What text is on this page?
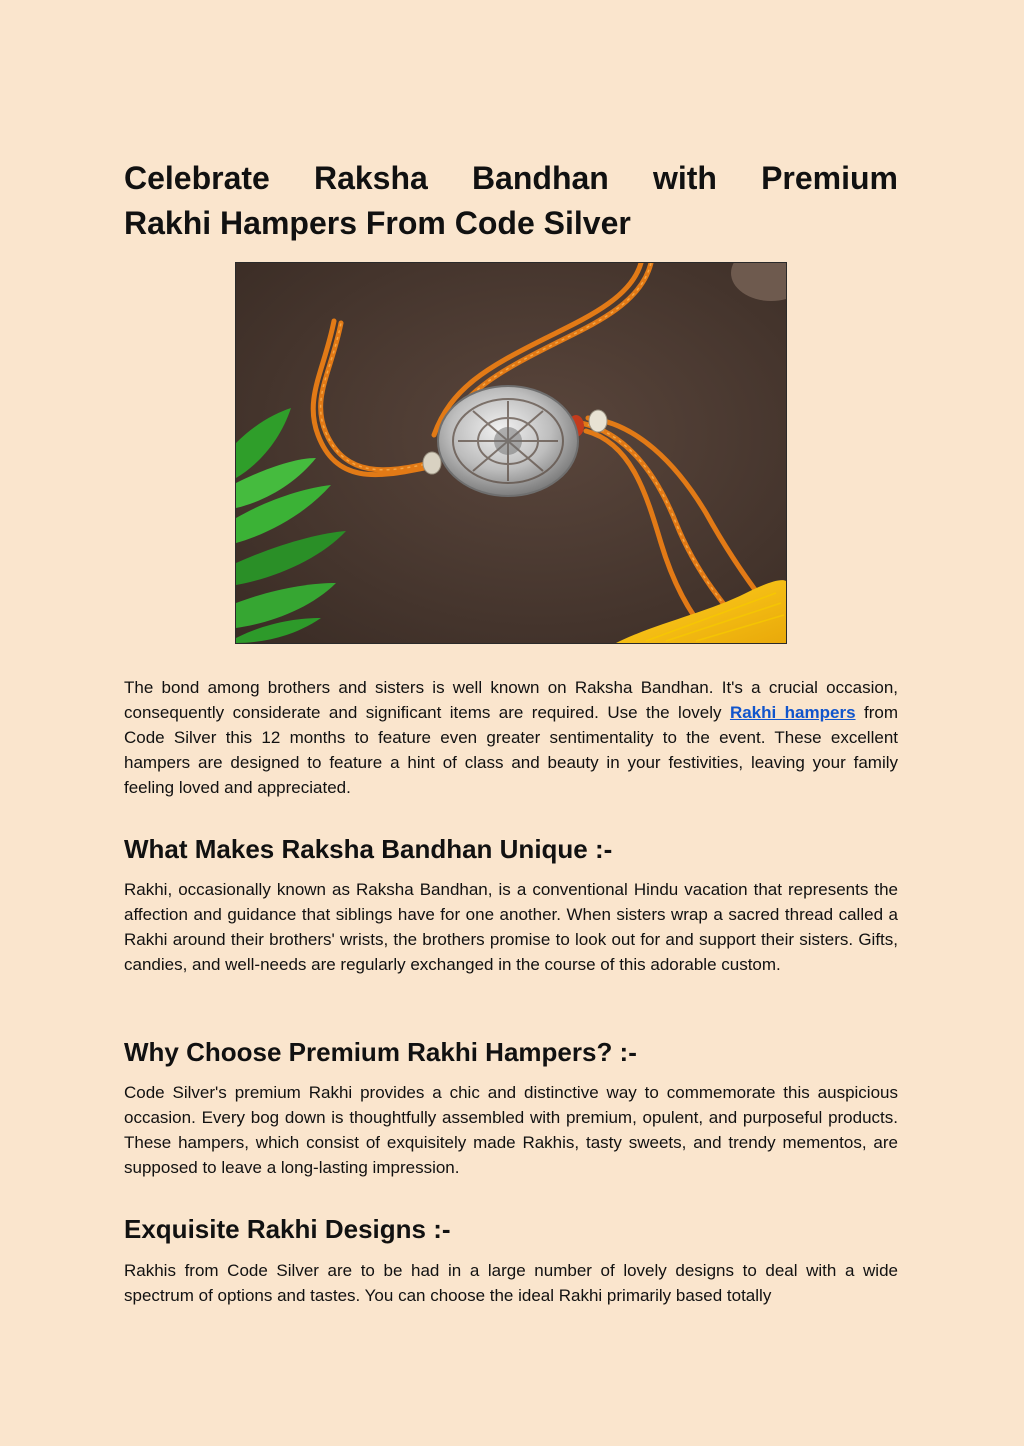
Celebrate Raksha Bandhan with Premium
Rakhi Hampers From Code Silver

The bond among brothers and sisters is well known on Raksha Bandhan. It's a crucial occasion, consequently considerate and significant items are required. Use the lovely Rakhi hampers from Code Silver this 12 months to feature even greater sentimentality to the event. These excellent hampers are designed to feature a hint of class and beauty in your festivities, leaving your family feeling loved and appreciated.

What Makes Raksha Bandhan Unique :-

Rakhi, occasionally known as Raksha Bandhan, is a conventional Hindu vacation that represents the affection and guidance that siblings have for one another. When sisters wrap a sacred thread called a Rakhi around their brothers' wrists, the brothers promise to look out for and support their sisters. Gifts, candies, and well-needs are regularly exchanged in the course of this adorable custom.

Why Choose Premium Rakhi Hampers? :-

Code Silver's premium Rakhi provides a chic and distinctive way to commemorate this auspicious occasion. Every bog down is thoughtfully assembled with premium, opulent, and purposeful products. These hampers, which consist of exquisitely made Rakhis, tasty sweets, and trendy mementos, are supposed to leave a long-lasting impression.

Exquisite Rakhi Designs :-

Rakhis from Code Silver are to be had in a large number of lovely designs to deal with a wide spectrum of options and tastes. You can choose the ideal Rakhi primarily based totally
